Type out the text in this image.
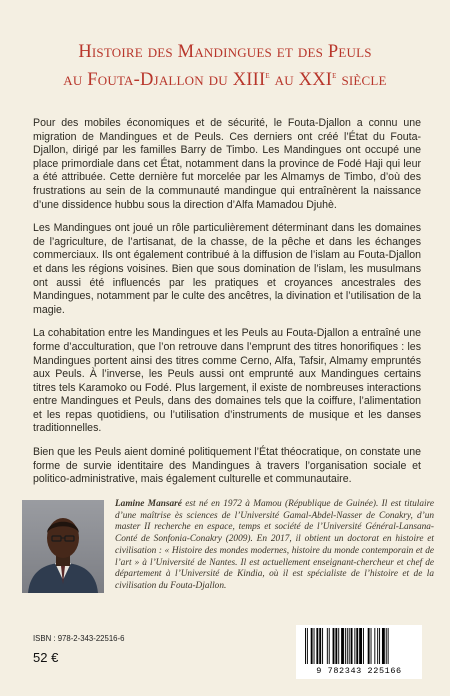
Histoire des Mandingues et des Peuls
au Fouta-Djallon du XIIIe au XXIe siècle

Pour des mobiles économiques et de sécurité, le Fouta-Djallon a connu une migration de Mandingues et de Peuls. Ces derniers ont créé l’État du Fouta-Djallon, dirigé par les familles Barry de Timbo. Les Mandingues ont occupé une place primordiale dans cet État, notamment dans la province de Fodé Haji qui leur a été attribuée. Cette dernière fut morcelée par les Almamys de Timbo, d’où des frustrations au sein de la communauté mandingue qui entraînèrent la naissance d’une dissidence hubbu sous la direction d’Alfa Mamadou Djuhè.

Les Mandingues ont joué un rôle particulièrement déterminant dans les domaines de l’agriculture, de l’artisanat, de la chasse, de la pêche et dans les échanges commerciaux. Ils ont également contribué à la diffusion de l’islam au Fouta-Djallon et dans les régions voisines. Bien que sous domination de l’islam, les musulmans ont aussi été influencés par les pratiques et croyances ancestrales des Mandingues, notamment par le culte des ancêtres, la divination et l’utilisation de la magie.

La cohabitation entre les Mandingues et les Peuls au Fouta-Djallon a entraîné une forme d’acculturation, que l’on retrouve dans l’emprunt des titres honorifiques : les Mandingues portent ainsi des titres comme Cerno, Alfa, Tafsir, Almamy empruntés aux Peuls. À l’inverse, les Peuls aussi ont emprunté aux Mandingues certains titres tels Karamoko ou Fodé. Plus largement, il existe de nombreuses interactions entre Mandingues et Peuls, dans des domaines tels que la coiffure, l’alimentation et les repas quotidiens, ou l’utilisation d’instruments de musique et les danses traditionnelles.

Bien que les Peuls aient dominé politiquement l’État théocratique, on constate une forme de survie identitaire des Mandingues à travers l’organisation sociale et politico-administrative, mais également culturelle et communautaire.

Lamine Mansaré est né en 1972 à Mamou (République de Guinée). Il est titulaire d’une maîtrise ès sciences de l’Université Gamal-Abdel-Nasser de Conakry, d’un master II recherche en espace, temps et société de l’Université Général-Lansana-Conté de Sonfonia-Conakry (2009). En 2017, il obtient un doctorat en histoire et civilisation : « Histoire des mondes modernes, histoire du monde contemporain et de l’art » à l’Université de Nantes. Il est actuellement enseignant-chercheur et chef de département à l’Université de Kindia, où il est spécialiste de l’histoire et de la civilisation du Fouta-Djallon.
ISBN : 978-2-343-22516-6
52 €
9 782343 225166
